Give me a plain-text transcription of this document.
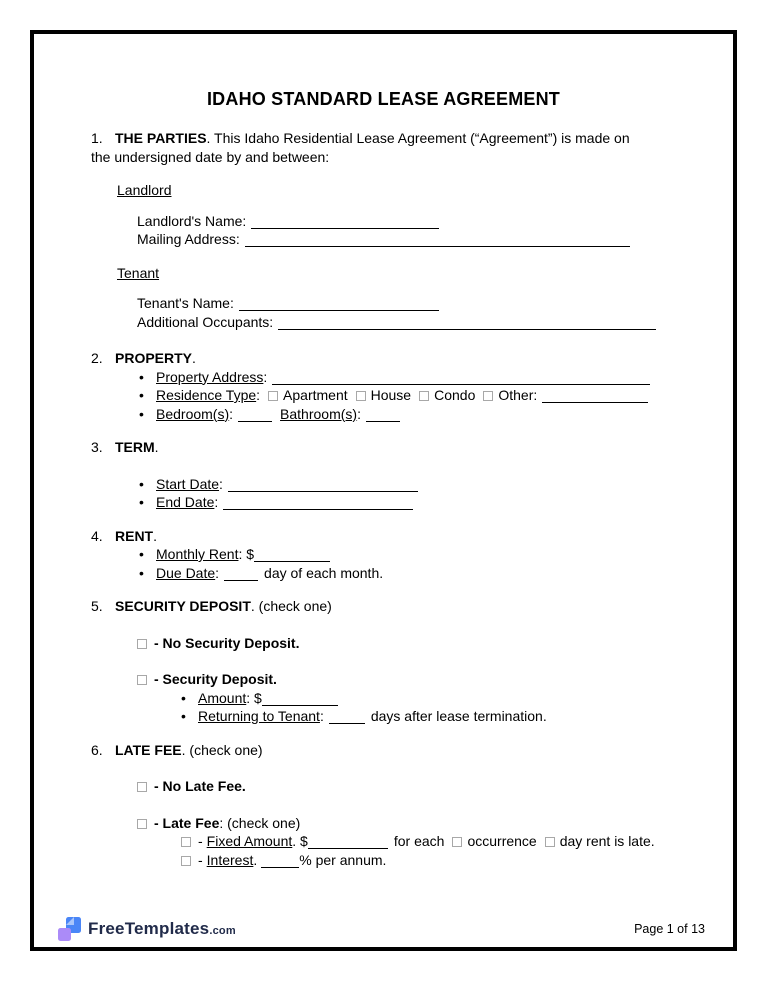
IDAHO STANDARD LEASE AGREEMENT

1. THE PARTIES. This Idaho Residential Lease Agreement (“Agreement”) is made on
the undersigned date by and between:

Landlord

Landlord's Name:
Mailing Address:

Tenant

Tenant's Name:
Additional Occupants:

2. PROPERTY.

• Property Address:
• Residence Type: Apartment House Condo Other:
• Bedroom(s):	Bathroom(s):

3. TERM.

• Start Date:
• End Date:

4. RENT.

• Monthly Rent: $
• Due Date:	day of each month.

5. SECURITY DEPOSIT. (check one)

- No Security Deposit.
- Security Deposit.
• Amount: $
• Returning to Tenant:	days after lease termination.

6. LATE FEE. (check one)

- No Late Fee.
- Late Fee: (check one)
- Fixed Amount. $	for each occurrence day rent is late.
- Interest.	% per annum.
FreeTemplates.com	Page 1 of 13
